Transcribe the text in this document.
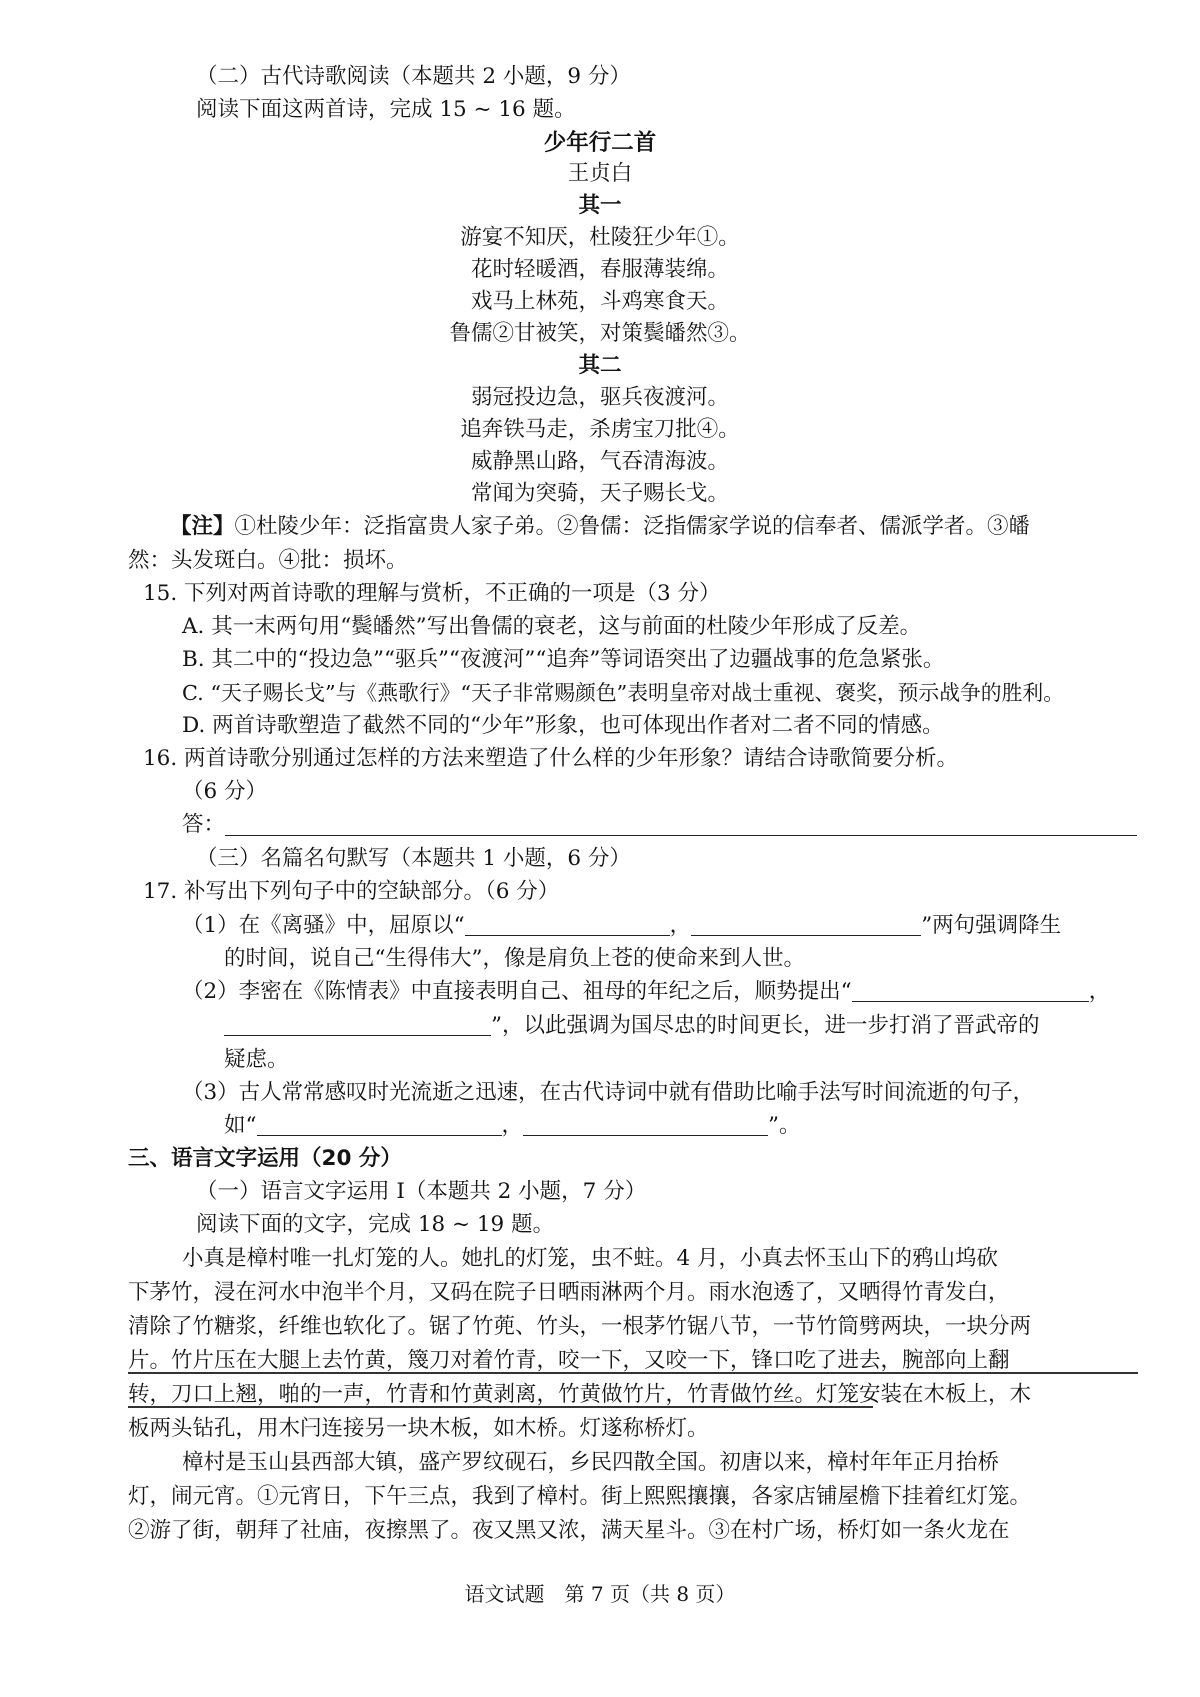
（二）古代诗歌阅读（本题共 2 小题，9 分）
阅读下面这两首诗，完成 15 ~ 16 题。
少年行二首
王贞白
其一
游宴不知厌，杜陵狂少年①。
花时轻暖酒，春服薄装绵。
戏马上林苑，斗鸡寒食天。
鲁儒②甘被笑，对策鬓皤然③。
其二
弱冠投边急，驱兵夜渡河。
追奔铁马走，杀虏宝刀批④。
威静黑山路，气吞清海波。
常闻为突骑，天子赐长戈。
【注】①杜陵少年：泛指富贵人家子弟。②鲁儒：泛指儒家学说的信奉者、儒派学者。③皤
然：头发斑白。④批：损坏。
15. 下列对两首诗歌的理解与赏析，不正确的一项是（3 分）
A. 其一末两句用“鬓皤然”写出鲁儒的衰老，这与前面的杜陵少年形成了反差。
B. 其二中的“投边急”“驱兵”“夜渡河”“追奔”等词语突出了边疆战事的危急紧张。
C. “天子赐长戈”与《燕歌行》“天子非常赐颜色”表明皇帝对战士重视、褒奖，预示战争的胜利。
D. 两首诗歌塑造了截然不同的“少年”形象，也可体现出作者对二者不同的情感。
16. 两首诗歌分别通过怎样的方法来塑造了什么样的少年形象？请结合诗歌简要分析。
（6 分）
答：
（三）名篇名句默写（本题共 1 小题，6 分）
17. 补写出下列句子中的空缺部分。（6 分）
（1）在《离骚》中，屈原以“	，	”两句强调降生
的时间，说自己“生得伟大”，像是肩负上苍的使命来到人世。
（2）李密在《陈情表》中直接表明自己、祖母的年纪之后，顺势提出“	，
”，以此强调为国尽忠的时间更长，进一步打消了晋武帝的
疑虑。
（3）古人常常感叹时光流逝之迅速，在古代诗词中就有借助比喻手法写时间流逝的句子，
如“	，	”。
三、语言文字运用（20 分）
（一）语言文字运用 Ⅰ（本题共 2 小题，7 分）
阅读下面的文字，完成 18 ~ 19 题。
小真是樟村唯一扎灯笼的人。她扎的灯笼，虫不蛀。4 月，小真去怀玉山下的鸦山坞砍
下茅竹，浸在河水中泡半个月，又码在院子日晒雨淋两个月。雨水泡透了，又晒得竹青发白，
清除了竹糖浆，纤维也软化了。锯了竹蔸、竹头，一根茅竹锯八节，一节竹筒劈两块，一块分两
片。竹片压在大腿上去竹黄，篾刀对着竹青，咬一下，又咬一下，锋口吃了进去，腕部向上翻
转，刀口上翘，啪的一声，竹青和竹黄剥离，竹黄做竹片，竹青做竹丝。灯笼安装在木板上，木
板两头钻孔，用木闩连接另一块木板，如木桥。灯遂称桥灯。
樟村是玉山县西部大镇，盛产罗纹砚石，乡民四散全国。初唐以来，樟村年年正月抬桥
灯，闹元宵。①元宵日，下午三点，我到了樟村。街上熙熙攘攘，各家店铺屋檐下挂着红灯笼。
②游了街，朝拜了社庙，夜擦黑了。夜又黑又浓，满天星斗。③在村广场，桥灯如一条火龙在
语文试题　第 7 页（共 8 页）
